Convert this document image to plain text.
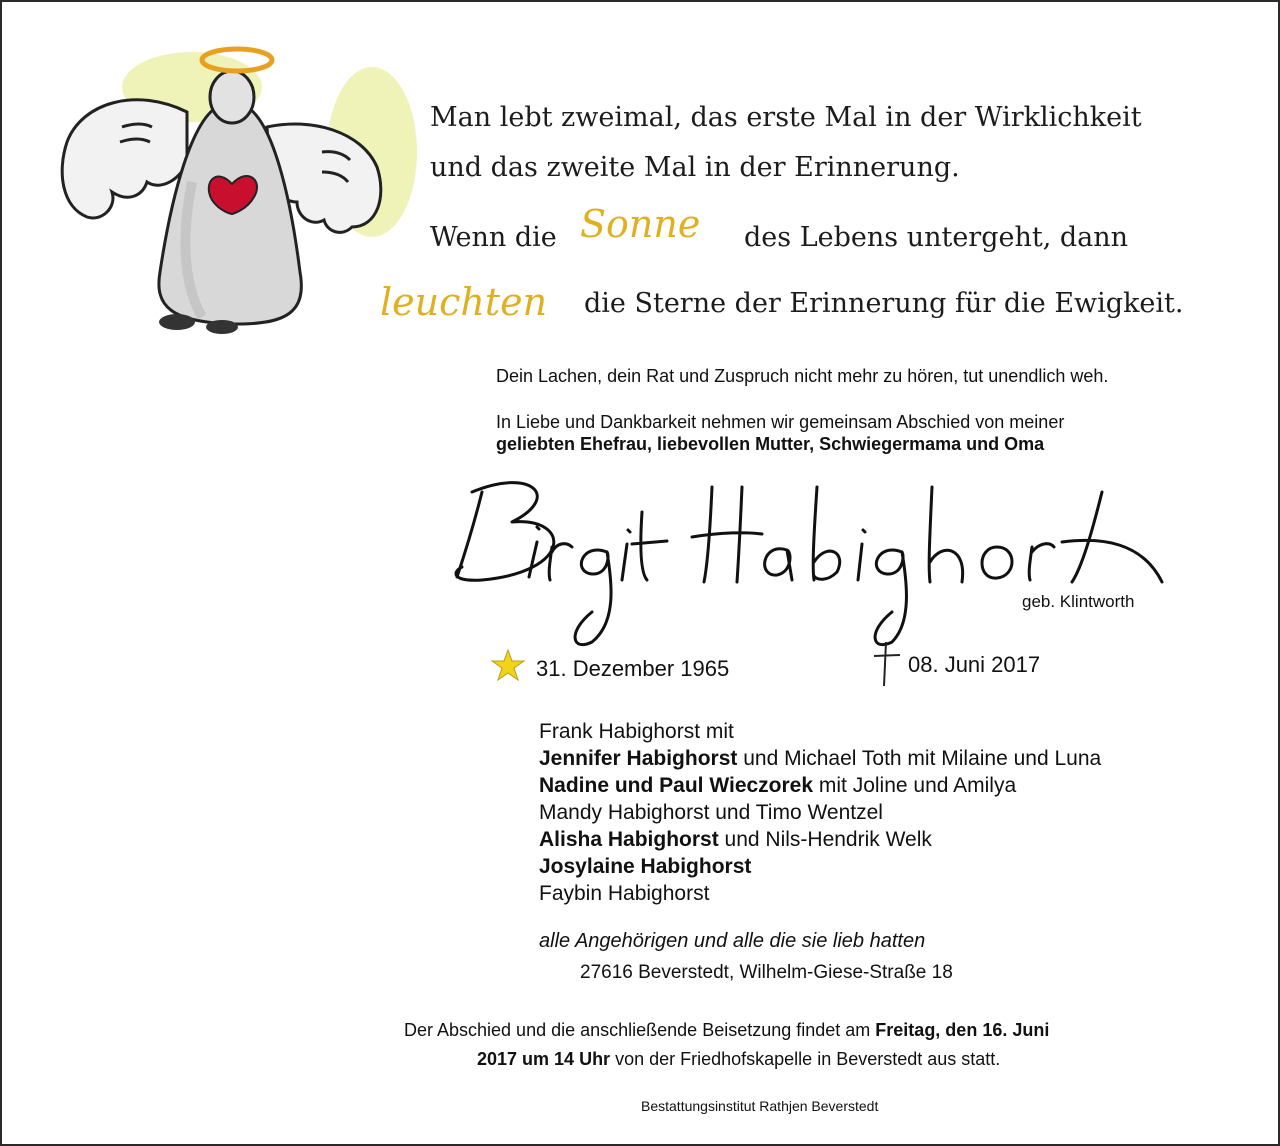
Man lebt zweimal, das erste Mal in der Wirklichkeit
und das zweite Mal in der Erinnerung.
Wenn die Sonne des Lebens untergeht, dann
leuchten die Sterne der Erinnerung für die Ewigkeit.
Dein Lachen, dein Rat und Zuspruch nicht mehr zu hören, tut unendlich weh.
In Liebe und Dankbarkeit nehmen wir gemeinsam Abschied von meiner
geliebten Ehefrau, liebevollen Mutter, Schwiegermama und Oma
geb. Klintworth
31. Dezember 1965	08. Juni 2017
Frank Habighorst mit
Jennifer Habighorst und Michael Toth mit Milaine und Luna
Nadine und Paul Wieczorek mit Joline und Amilya
Mandy Habighorst und Timo Wentzel
Alisha Habighorst und Nils-Hendrik Welk
Josylaine Habighorst
Faybin Habighorst
alle Angehörigen und alle die sie lieb hatten
27616 Beverstedt, Wilhelm-Giese-Straße 18
Der Abschied und die anschließende Beisetzung findet am Freitag, den 16. Juni
2017 um 14 Uhr von der Friedhofskapelle in Beverstedt aus statt.
Bestattungsinstitut Rathjen Beverstedt
